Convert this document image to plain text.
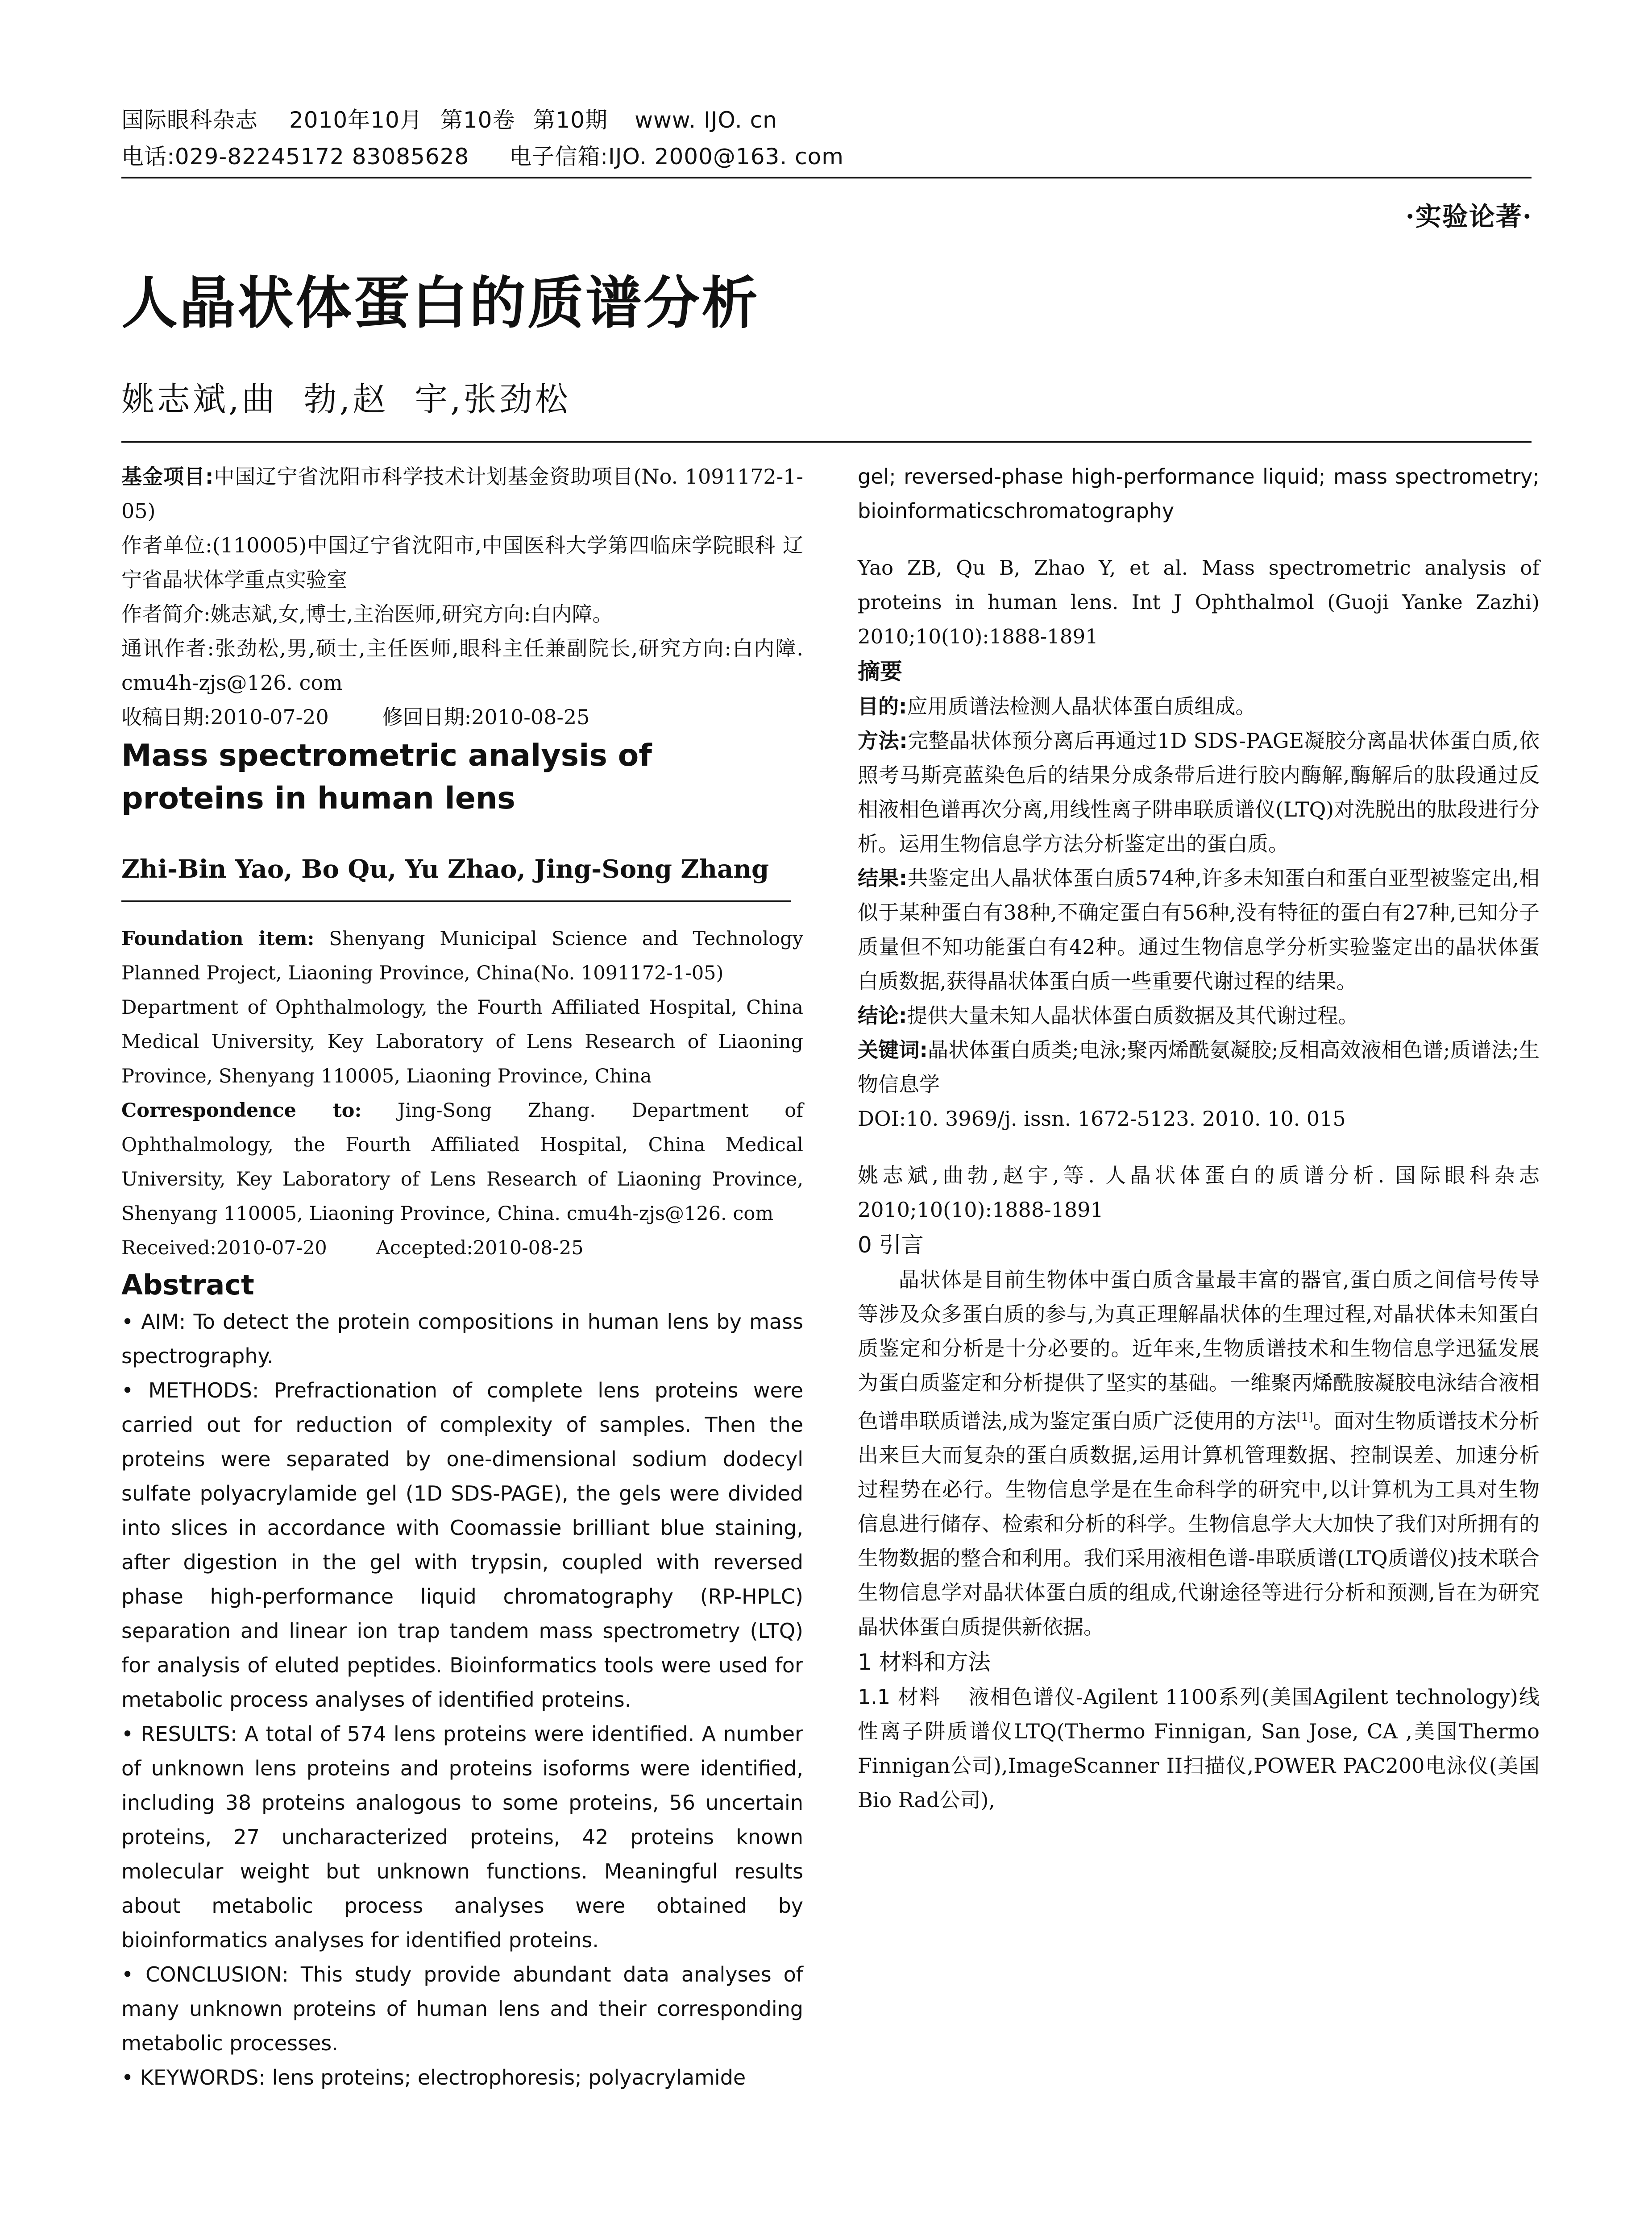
国际眼科杂志 2010年10月 第10卷 第10期 www. IJO. cn
电话:029-82245172 83085628 电子信箱:IJO. 2000@163. com
·实验论著·
人晶状体蛋白的质谱分析
姚志斌,曲  勃,赵  宇,张劲松

基金项目:中国辽宁省沈阳市科学技术计划基金资助项目(No. 1091172-1-05)

作者单位:(110005)中国辽宁省沈阳市,中国医科大学第四临床学院眼科 辽宁省晶状体学重点实验室

作者简介:姚志斌,女,博士,主治医师,研究方向:白内障。

通讯作者:张劲松,男,硕士,主任医师,眼科主任兼副院长,研究方向:白内障. cmu4h-zjs@126. com

收稿日期:2010-07-20	修回日期:2010-08-25

Mass spectrometric analysis of proteins in human lens

Zhi-Bin Yao, Bo Qu, Yu Zhao, Jing-Song Zhang

Foundation item: Shenyang Municipal Science and Technology Planned Project, Liaoning Province, China(No. 1091172-1-05)

Department of Ophthalmology, the Fourth Affiliated Hospital, China Medical University, Key Laboratory of Lens Research of Liaoning Province, Shenyang 110005, Liaoning Province, China

Correspondence to: Jing-Song Zhang. Department of Ophthalmology, the Fourth Affiliated Hospital, China Medical University, Key Laboratory of Lens Research of Liaoning Province, Shenyang 110005, Liaoning Province, China. cmu4h-zjs@126. com

Received:2010-07-20	Accepted:2010-08-25

Abstract

• AIM: To detect the protein compositions in human lens by mass spectrography.

• METHODS: Prefractionation of complete lens proteins were carried out for reduction of complexity of samples. Then the proteins were separated by one-dimensional sodium dodecyl sulfate polyacrylamide gel (1D SDS-PAGE), the gels were divided into slices in accordance with Coomassie brilliant blue staining, after digestion in the gel with trypsin, coupled with reversed phase high-performance liquid chromatography (RP-HPLC) separation and linear ion trap tandem mass spectrometry (LTQ) for analysis of eluted peptides. Bioinformatics tools were used for metabolic process analyses of identified proteins.

• RESULTS: A total of 574 lens proteins were identified. A number of unknown lens proteins and proteins isoforms were identified, including 38 proteins analogous to some proteins, 56 uncertain proteins, 27 uncharacterized proteins, 42 proteins known molecular weight but unknown functions. Meaningful results about metabolic process analyses were obtained by bioinformatics analyses for identified proteins.

• CONCLUSION: This study provide abundant data analyses of many unknown proteins of human lens and their corresponding metabolic processes.

• KEYWORDS: lens proteins; electrophoresis; polyacrylamide

gel; reversed-phase high-performance liquid; mass spectrometry; bioinformaticschromatography

Yao ZB, Qu B, Zhao Y, et al. Mass spectrometric analysis of proteins in human lens. Int J Ophthalmol (Guoji Yanke Zazhi) 2010;10(10):1888-1891

摘要

目的:应用质谱法检测人晶状体蛋白质组成。

方法:完整晶状体预分离后再通过1D SDS-PAGE凝胶分离晶状体蛋白质,依照考马斯亮蓝染色后的结果分成条带后进行胶内酶解,酶解后的肽段通过反相液相色谱再次分离,用线性离子阱串联质谱仪(LTQ)对洗脱出的肽段进行分析。运用生物信息学方法分析鉴定出的蛋白质。

结果:共鉴定出人晶状体蛋白质574种,许多未知蛋白和蛋白亚型被鉴定出,相似于某种蛋白有38种,不确定蛋白有56种,没有特征的蛋白有27种,已知分子质量但不知功能蛋白有42种。通过生物信息学分析实验鉴定出的晶状体蛋白质数据,获得晶状体蛋白质一些重要代谢过程的结果。

结论:提供大量未知人晶状体蛋白质数据及其代谢过程。

关键词:晶状体蛋白质类;电泳;聚丙烯酰氨凝胶;反相高效液相色谱;质谱法;生物信息学

DOI:10. 3969/j. issn. 1672-5123. 2010. 10. 015

姚志斌,曲勃,赵宇,等. 人晶状体蛋白的质谱分析. 国际眼科杂志 2010;10(10):1888-1891

0 引言

晶状体是目前生物体中蛋白质含量最丰富的器官,蛋白质之间信号传导等涉及众多蛋白质的参与,为真正理解晶状体的生理过程,对晶状体未知蛋白质鉴定和分析是十分必要的。近年来,生物质谱技术和生物信息学迅猛发展为蛋白质鉴定和分析提供了坚实的基础。一维聚丙烯酰胺凝胶电泳结合液相色谱串联质谱法,成为鉴定蛋白质广泛使用的方法[1]。面对生物质谱技术分析出来巨大而复杂的蛋白质数据,运用计算机管理数据、控制误差、加速分析过程势在必行。生物信息学是在生命科学的研究中,以计算机为工具对生物信息进行储存、检索和分析的科学。生物信息学大大加快了我们对所拥有的生物数据的整合和利用。我们采用液相色谱-串联质谱(LTQ质谱仪)技术联合生物信息学对晶状体蛋白质的组成,代谢途径等进行分析和预测,旨在为研究晶状体蛋白质提供新依据。

1 材料和方法

1.1 材料 液相色谱仪-Agilent 1100系列(美国Agilent technology)线性离子阱质谱仪LTQ(Thermo Finnigan, San Jose, CA ,美国Thermo Finnigan公司),ImageScanner II扫描仪,POWER PAC200电泳仪(美国Bio Rad公司),
